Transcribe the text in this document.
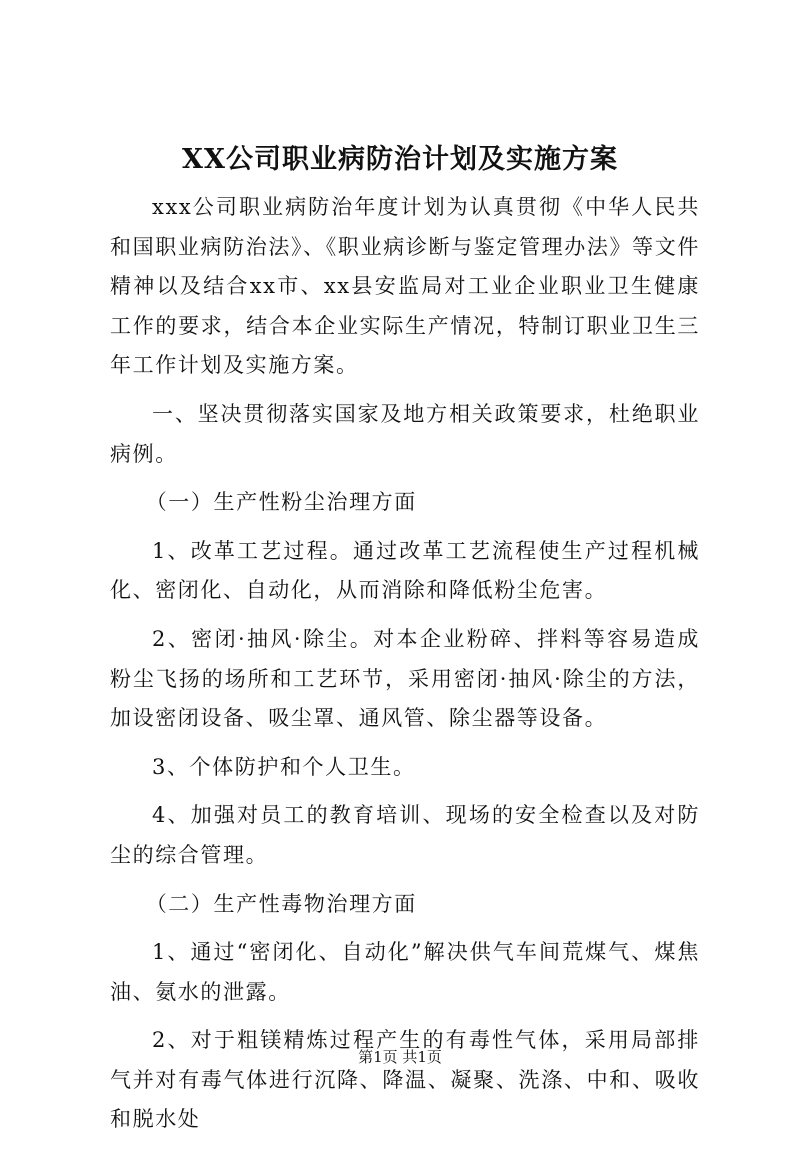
XX公司职业病防治计划及实施方案

xxx公司职业病防治年度计划为认真贯彻《中华人民共和国职业病防治法》、《职业病诊断与鉴定管理办法》等文件精神以及结合xx市、xx县安监局对工业企业职业卫生健康工作的要求，结合本企业实际生产情况，特制订职业卫生三年工作计划及实施方案。

一、坚决贯彻落实国家及地方相关政策要求，杜绝职业病例。

（一）生产性粉尘治理方面

1、改革工艺过程。通过改革工艺流程使生产过程机械化、密闭化、自动化，从而消除和降低粉尘危害。

2、密闭·抽风·除尘。对本企业粉碎、拌料等容易造成粉尘飞扬的场所和工艺环节，采用密闭·抽风·除尘的方法，加设密闭设备、吸尘罩、通风管、除尘器等设备。

3、个体防护和个人卫生。

4、加强对员工的教育培训、现场的安全检查以及对防尘的综合管理。

（二）生产性毒物治理方面

1、通过“密闭化、自动化”解决供气车间荒煤气、煤焦油、氨水的泄露。

2、对于粗镁精炼过程产生的有毒性气体，采用局部排气并对有毒气体进行沉降、降温、凝聚、洗涤、中和、吸收和脱水处

第1页 共1页
